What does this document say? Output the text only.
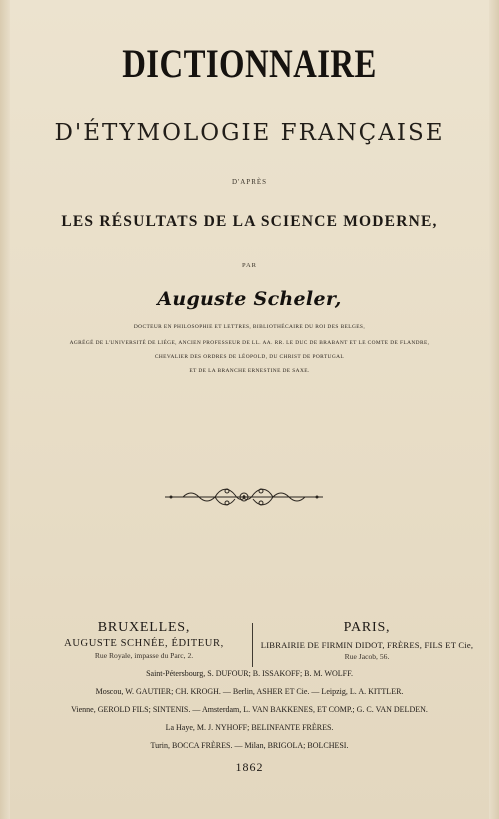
DICTIONNAIRE
D'ÉTYMOLOGIE FRANÇAISE
D'APRÈS
LES RÉSULTATS DE LA SCIENCE MODERNE,
PAR
Auguste Scheler,
DOCTEUR EN PHILOSOPHIE ET LETTRES, BIBLIOTHÉCAIRE DU ROI DES BELGES,
AGRÉGÉ DE L'UNIVERSITÉ DE LIÉGE, ANCIEN PROFESSEUR DE LL. AA. RR. LE DUC DE BRABANT ET LE COMTE DE FLANDRE,
CHEVALIER DES ORDRES DE LÉOPOLD, DU CHRIST DE PORTUGAL
ET DE LA BRANCHE ERNESTINE DE SAXE.
BRUXELLES,
AUGUSTE SCHNÉE, ÉDITEUR,
Rue Royale, impasse du Parc, 2.
PARIS,
LIBRAIRIE DE FIRMIN DIDOT, FRÈRES, FILS ET Cie,
Rue Jacob, 56.
Saint-Pétersbourg, S. DUFOUR; B. ISSAKOFF; B. M. WOLFF.
Moscou, W. GAUTIER; CH. KROGH. — Berlin, ASHER ET Cie. — Leipzig, L. A. KITTLER.
Vienne, GEROLD FILS; SINTENIS. — Amsterdam, L. VAN BAKKENES, ET COMP.; G. C. VAN DELDEN.
La Haye, M. J. NYHOFF; BELINFANTE FRÈRES.
Turin, BOCCA FRÈRES. — Milan, BRIGOLA; BOLCHESI.
1862
